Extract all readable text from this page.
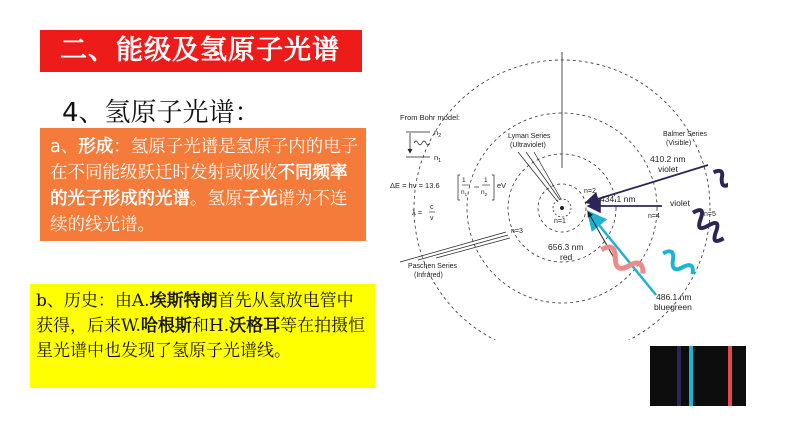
二、能级及氢原子光谱
4、氢原子光谱：
a、形成：氢原子光谱是氢原子内的电子在不同能级跃迁时发射或吸收不同频率的光子形成的光谱。氢原子光谱为不连续的线光谱。
b、历史：由A.埃斯特朗首先从氢放电管中获得，后来W.哈根斯和H.沃格耳等在拍摄恒星光谱中也发现了氢原子光谱线。
From Bohr model:
$n_2$
$n_1$
ΔE = hν = 13.6
1
$n_1$
1
$n_2$
eV
λ =
c
ν
Lyman Series
(Ultraviolet)
Balmer Series
(Visible)
410.2 nm
violet
Paschen Series
(Infrared)
n=1
n=2
n=3
n=4	n=5
434.1 nm	violet
656.3 nm
red
486.1 nm
bluegreen
